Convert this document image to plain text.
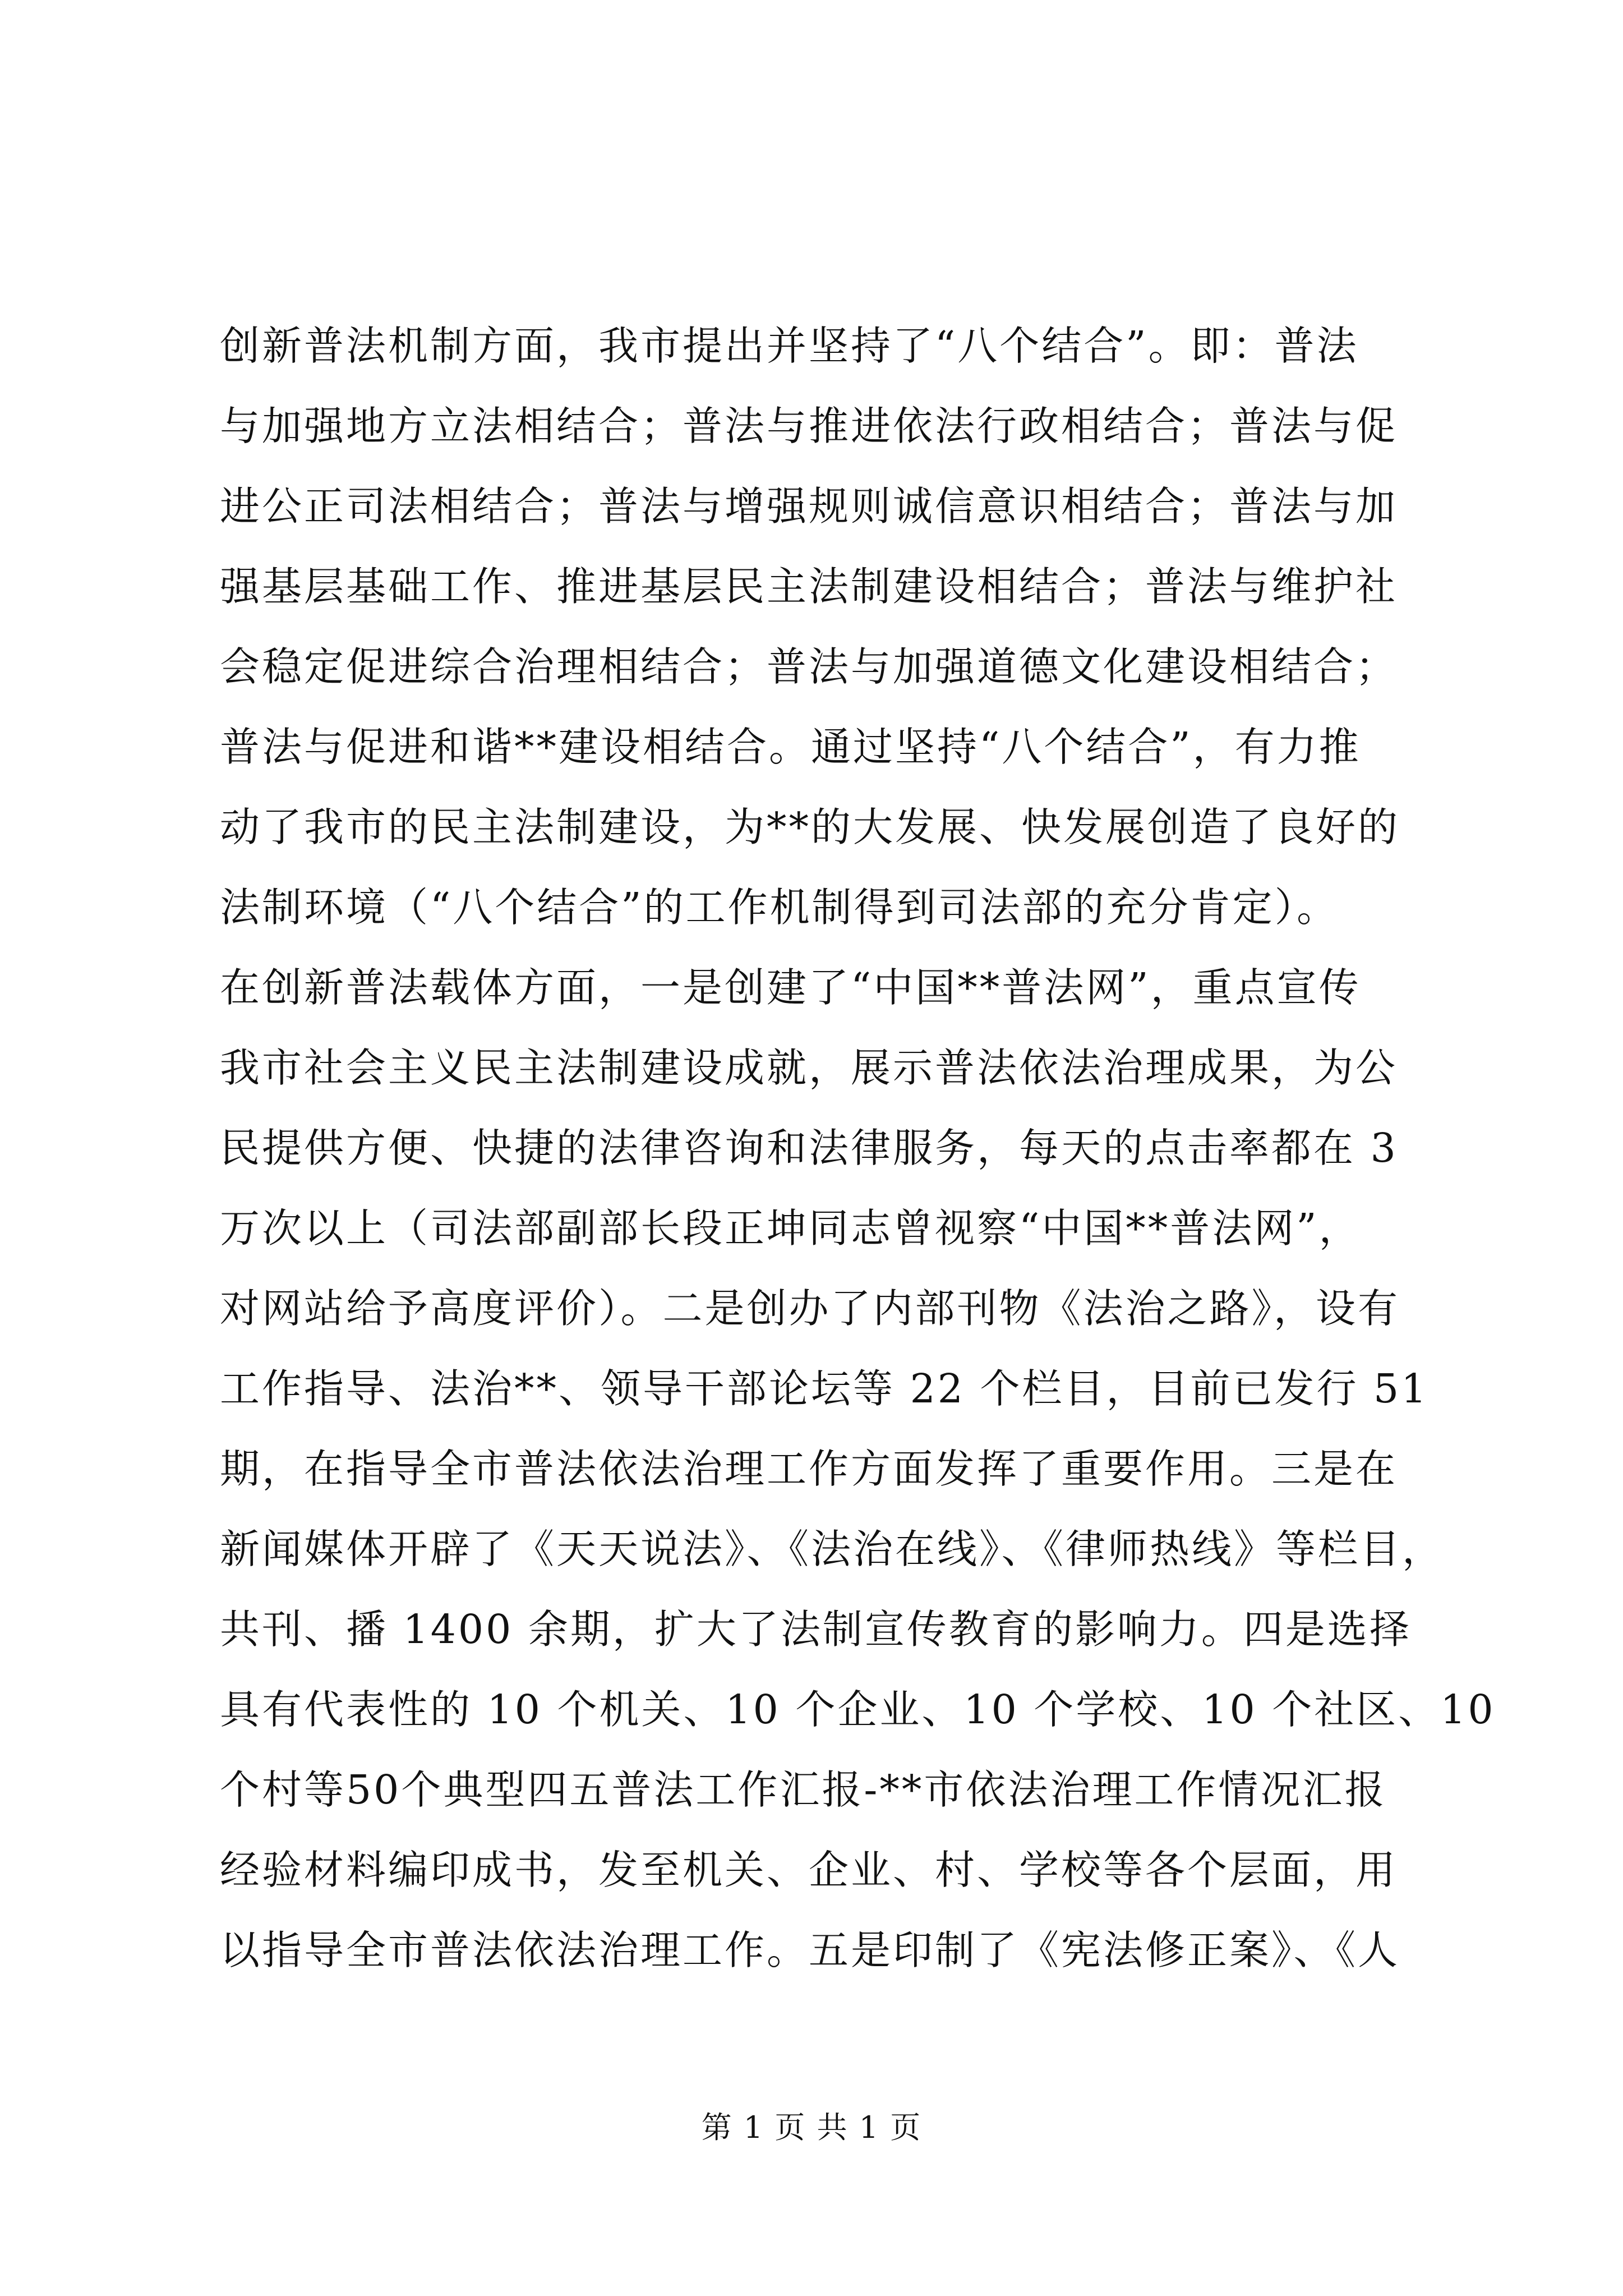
创新普法机制方面，我市提出并坚持了“八个结合”。即：普法
与加强地方立法相结合；普法与推进依法行政相结合；普法与促
进公正司法相结合；普法与增强规则诚信意识相结合；普法与加
强基层基础工作、推进基层民主法制建设相结合；普法与维护社
会稳定促进综合治理相结合；普法与加强道德文化建设相结合；
普法与促进和谐**建设相结合。通过坚持“八个结合”，有力推
动了我市的民主法制建设，为**的大发展、快发展创造了良好的
法制环境（“八个结合”的工作机制得到司法部的充分肯定）。
在创新普法载体方面，一是创建了“中国**普法网”，重点宣传
我市社会主义民主法制建设成就，展示普法依法治理成果，为公
民提供方便、快捷的法律咨询和法律服务，每天的点击率都在 3
万次以上（司法部副部长段正坤同志曾视察“中国**普法网”，
对网站给予高度评价）。二是创办了内部刊物《法治之路》，设有
工作指导、法治**、领导干部论坛等 22 个栏目，目前已发行 51
期，在指导全市普法依法治理工作方面发挥了重要作用。三是在
新闻媒体开辟了《天天说法》、《法治在线》、《律师热线》等栏目，
共刊、播 1400 余期，扩大了法制宣传教育的影响力。四是选择
具有代表性的 10 个机关、10 个企业、10 个学校、10 个社区、10
个村等50个典型四五普法工作汇报-**市依法治理工作情况汇报
经验材料编印成书，发至机关、企业、村、学校等各个层面，用
以指导全市普法依法治理工作。五是印制了《宪法修正案》、《人
第 1 页 共 1 页
